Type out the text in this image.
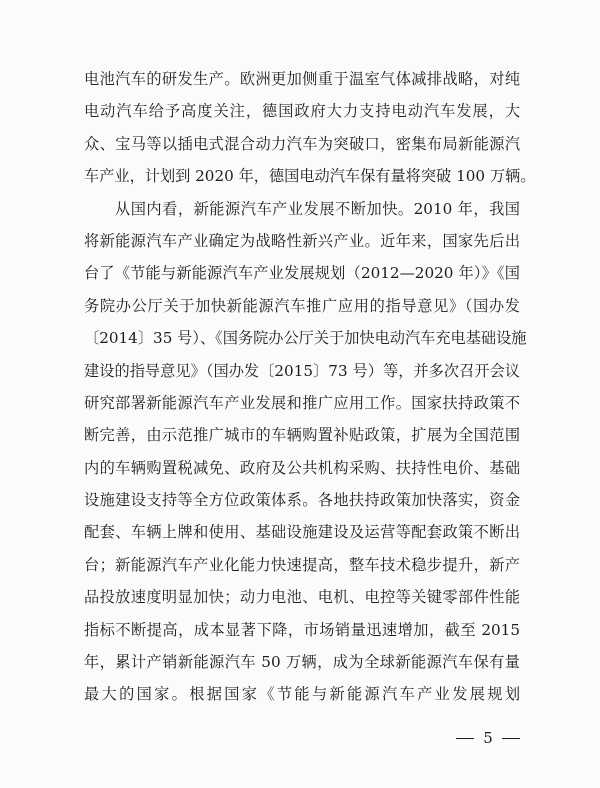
电池汽车的研发生产。欧洲更加侧重于温室气体减排战略，对纯
电动汽车给予高度关注，德国政府大力支持电动汽车发展，大
众、宝马等以插电式混合动力汽车为突破口，密集布局新能源汽
车产业，计划到 2020 年，德国电动汽车保有量将突破 100 万辆。
从国内看，新能源汽车产业发展不断加快。2010 年，我国
将新能源汽车产业确定为战略性新兴产业。近年来，国家先后出
台了《节能与新能源汽车产业发展规划（2012—2020 年）》《国
务院办公厅关于加快新能源汽车推广应用的指导意见》（国办发
〔2014〕35 号）、《国务院办公厅关于加快电动汽车充电基础设施
建设的指导意见》（国办发〔2015〕73 号）等，并多次召开会议
研究部署新能源汽车产业发展和推广应用工作。国家扶持政策不
断完善，由示范推广城市的车辆购置补贴政策，扩展为全国范围
内的车辆购置税减免、政府及公共机构采购、扶持性电价、基础
设施建设支持等全方位政策体系。各地扶持政策加快落实，资金
配套、车辆上牌和使用、基础设施建设及运营等配套政策不断出
台；新能源汽车产业化能力快速提高，整车技术稳步提升，新产
品投放速度明显加快；动力电池、电机、电控等关键零部件性能
指标不断提高，成本显著下降，市场销量迅速增加，截至 2015
年，累计产销新能源汽车 50 万辆，成为全球新能源汽车保有量
最大的国家。根据国家《节能与新能源汽车产业发展规划
5
